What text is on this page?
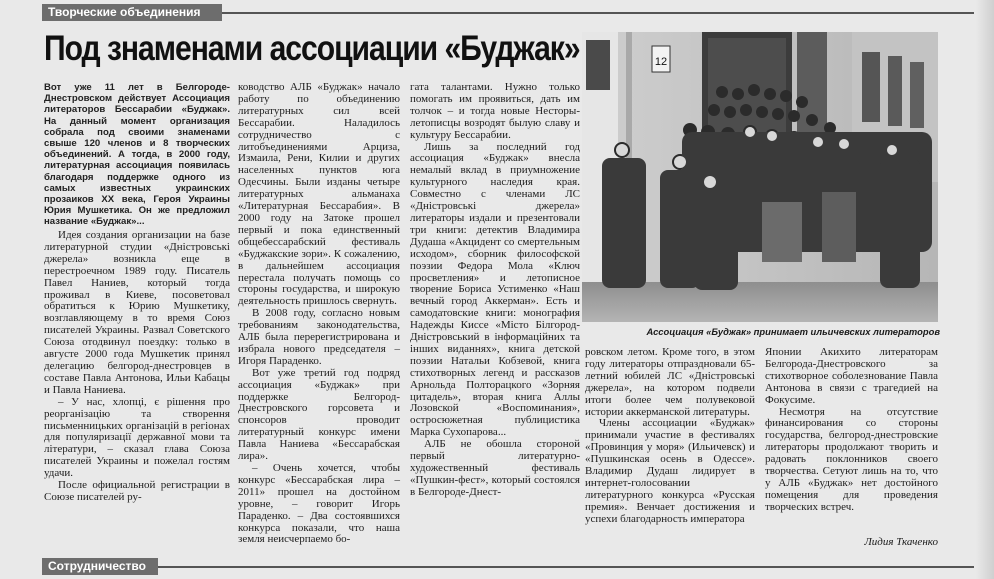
Творческие объединения
Под знаменами ассоциации «Буджак»
Вот уже 11 лет в Белгороде-Днестровском действует Ассоциация литераторов Бессарабии «Буджак». На данный момент организация собрала под своими знаменами свыше 120 членов и 8 творческих объединений. А тогда, в 2000 году, литературная ассоциация появилась благодаря поддержке одного из самых известных украинских прозаиков XX века, Героя Украины Юрия Мушкетика. Он же предложил название «Буджак»...

Идея создания организации на базе литературной студии «Дністровські джерела» возникла еще в перестроечном 1989 году. Писатель Павел Наниев, который тогда проживал в Киеве, посоветовал обратиться к Юрию Мушкетику, возглавляющему в то время Союз писателей Украины. Развал Советского Союза отодвинул поездку: только в августе 2000 года Мушкетик принял делегацию белгород-днестровцев в составе Павла Антонова, Ильи Кабацы и Павла Наниева.

– У нас, хлопці, є рішення про реорганізацію та створення письменницьких організацій в регіонах для популяризації державної мови та літератури, – сказал глава Союза писателей Украины и пожелал гостям удачи.

После официальной регистрации в Союзе писателей ру-

ководство АЛБ «Буджак» начало работу по объединению литературных сил всей Бессарабии. Наладилось сотрудничество с литобъединениями Арциза, Измаила, Рени, Килии и других населенных пунктов юга Одесчины. Были изданы четыре литературных альманаха «Литературная Бессарабия». В 2000 году на Затоке прошел первый и пока единственный общебессарабский фестиваль «Буджакские зори». К сожалению, в дальнейшем ассоциация перестала получать помощь со стороны государства, и широкую деятельность пришлось свернуть.

В 2008 году, согласно новым требованиям законодательства, АЛБ была перерегистрирована и избрала нового председателя – Игоря Параденко.

Вот уже третий год подряд ассоциация «Буджак» при поддержке Белгород-Днестровского горсовета и спонсоров проводит литературный конкурс имени Павла Наниева «Бессарабская лира».

– Очень хочется, чтобы конкурс «Бессарабская лира – 2011» прошел на достойном уровне, – говорит Игорь Параденко. – Два состоявшихся конкурса показали, что наша земля неисчерпаемо бо-

гата талантами. Нужно только помогать им проявиться, дать им толчок – и тогда новые Несторы-летописцы возродят былую славу и культуру Бессарабии.

Лишь за последний год ассоциация «Буджак» внесла немалый вклад в приумножение культурного наследия края. Совместно с членами ЛС «Дністровські джерела» литераторы издали и презентовали три книги: детектив Владимира Дудаша «Акцидент со смертельным исходом», сборник философской поэзии Федора Мола «Ключ просветления» и летописное творение Бориса Устименко «Наш вечный город Аккерман». Есть и самодатовские книги: монография Надежды Киссе «Місто Білгород-Дністровський в інформаційних та інших виданнях», книга детской поэзии Натальи Кобзевой, книга стихотворных легенд и рассказов Арнольда Полторацкого «Зорняя цитадель», вторая книга Аллы Лозовской «Воспоминания», остросюжетная публицистика Марка Сухопарова...

АЛБ не обошла стороной первый литературно-художественный фестиваль «Пушкин-фест», который состоялся в Белгороде-Днест-

12
Ассоциация «Буджак» принимает ильичевских литераторов

ровском летом. Кроме того, в этом году литераторы отпраздновали 65-летний юбилей ЛС «Дністровські джерела», на котором подвели итоги более чем полувековой истории аккерманской литературы.

Члены ассоциации «Буджак» принимали участие в фестивалях «Провинция у моря» (Ильичевск) и «Пушкинская осень в Одессе». Владимир Дудаш лидирует в интернет-голосовании литературного конкурса «Русская премия». Венчает достижения и успехи благодарность императора

Японии Акихито литераторам Белгорода-Днестровского за стихотворное соболезнование Павла Антонова в связи с трагедией на Фокусиме.

Несмотря на отсутствие финансирования со стороны государства, белгород-днестровские литераторы продолжают творить и радовать поклонников своего творчества. Сетуют лишь на то, что у АЛБ «Буджак» нет достойного помещения для проведения творческих встреч.

Лидия Ткаченко
Сотрудничество
